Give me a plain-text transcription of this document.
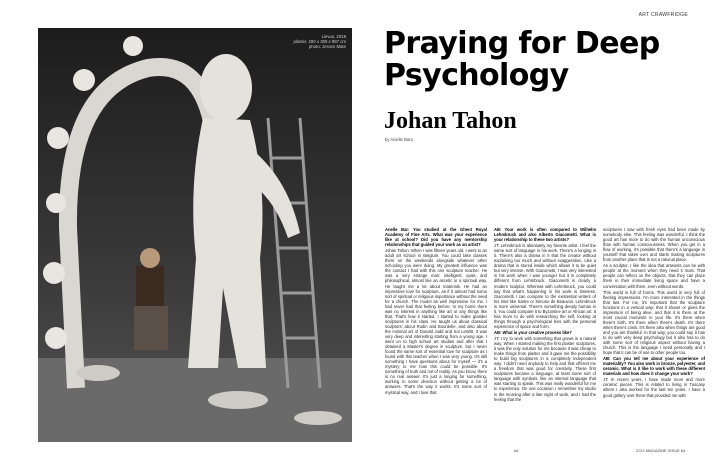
Lievus, 2019
plaster, 200 x 300 x 887 cm
photo: Jeroen Mate
ART CRAWFRIDGE
Praying for Deep
Psychology
Johan Tahon
by Anielle Baro

Anelle Bar: You studied at the Ghent Royal Academy of Fine Arts. What was your experience like at school? Did you have any mentorship relationships that guided your work as an artist?

Johan Tahon: When I was fifteen years old, I went to an adult art school in Belgium. You could take classes there on the weekends alongside whatever other schooling you were doing. My greatest influence was the contact I had with this one sculpture teacher. He was a very strange man: intelligent, quiet, and philosophical, almost like an ascetic or a spiritual way. He taught me a lot about materials. He had an impressive love for sculpture, as if it almost had some sort of spiritual or religious importance without the need for a church. The model as well impressive for me. I had never had that feeling before. In my home there was no interest in anything like art or any things like that. That's how it started. I started to make grander sculptures in his class. He taught us about classical sculptors: about Rodin and Bourdelle, and also about the minimal art of Donald Judd and Sol LeWitt. It was very deep and interesting starting from a young age. I went on to high school art studies and after that I obtained a Master's degree in sculpture, but I never found the same sort of essential love for sculpture as I found with this teacher when I was very young. It's still something I have questions about for myself — it's a mystery to me how this could be possible. It's something of truth and not of reality. As you know, there is no real answer. It's just a longing for something, working in some direction without getting a lot of answers. That's the way it works. It's some sort of mystical way, and I love that.

AB: Your work is often compared to Wilhelm Lehmbruck and also Alberto Giacometti. What is your relationship to these two artists?

JT: Lehmbruck is absolutely my favorite artist. I feel the same sort of language in his work. There's a longing in it. There's also a drama in it that the creator without explaining too much and without exaggeration. Like a drama that is stored inside which allows it to be quiet but very intense. With Giacometti, I was very interested in his work when I was younger but it is completely different from Lehmbruck. Giacometti is clearly a modern sculptor. Whereas with Lehmbruck, you could say that what's happening in his work is timeless. Giacometti I can compare to the existential writers of his time like Sartre or Simone de Beauvoir. Lehmbruck is more universal. There's something deeply human in it. You could compare it to Byzantine art or African art. It has more to do with researching the self, looking at things through a psychological lens with the personal experience of space and form.

AB: What is your creative process like?

JT: I try to work with something that grows in a natural way. When I started making the first plaster sculptures, it was the only solution for me because it was cheap to make things from plaster and it gave me the possibility to build big sculptures in a completely independent way. I didn't need anybody to help and that offered me a freedom that was good for creativity. These first sculptures became a language, at least some sort of language with symbols, like an internal language that was starting to speak. This was really wonderful for me to experience. On one occasion I remember my studio in the morning after a late night of work, and I had the feeling that the

sculptures I saw with fresh eyes had been made by somebody else. This feeling was wonderful. I think the good art has more to do with the human unconscious than with human consciousness. When you get in a flow of working, it's possible that there's a language in yourself that takes over and starts making sculptures from another place that is not a rational place.

As a sculptor, I like the idea that artworks can be with people at the moment when they need it most. That people can reflect on the objects, that they can place them in their immediate living space and have a conversation with them, even without words.

This world is full of forms. This world is very full of fleeting impressions. I'm more interested in the things that last. For me, it's important that the sculpture functions in a vertical way: that it shows or gives the impression of being alive, and that it is there at the most crucial moments in your life. It's there when there's birth. It's there when there's death. It's there when there's crisis. It's there also when things are good and you are thankful. In that way, you could say it has to do with very deep psychology but it also has to do with some sort of religious aspect without having a church. This is the language I need personally and I hope that it can be of use to other people too.

AB: Can you tell me about your experience of materiality? You also work in bronze, polyester, and ceramic. What is it like to work with these different materials and how does it change your work?

JT: In recent years, I have made more and more ceramic pieces. This is related to living in Tuscany where I also worked for the last ten years. I have a good gallery over there that provided me with

##	ZOO MAGAZINE ISSUE 64
